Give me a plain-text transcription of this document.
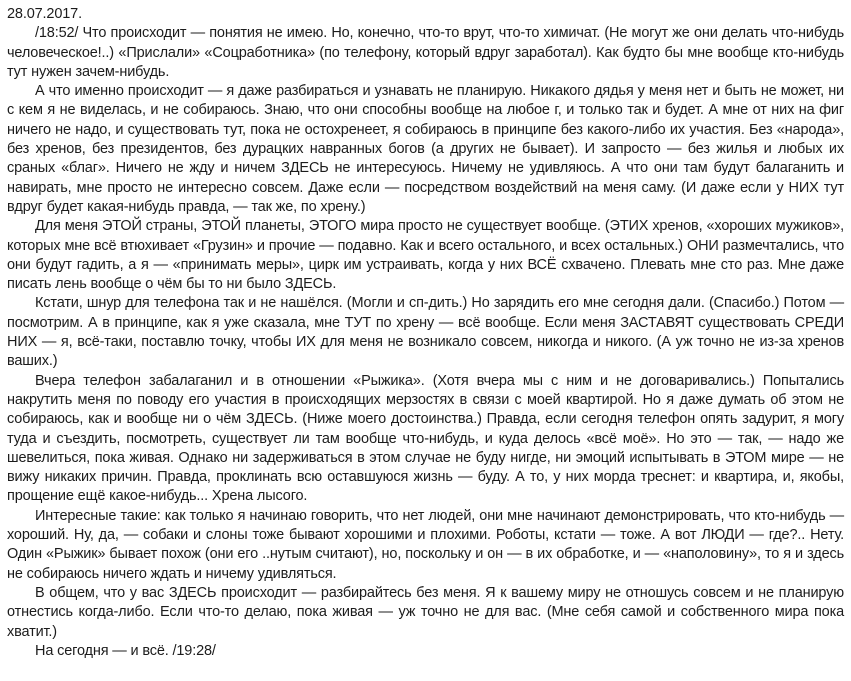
28.07.2017.

/18:52/ Что происходит — понятия не имею. Но, конечно, что-то врут, что-то химичат. (Не могут же они делать что-нибудь человеческое!..) «Прислали» «Соцработника» (по телефону, который вдруг заработал). Как будто бы мне вообще кто-нибудь тут нужен зачем-нибудь.

А что именно происходит — я даже разбираться и узнавать не планирую. Никакого дядья у меня нет и быть не может, ни с кем я не виделась, и не собираюсь. Знаю, что они способны вообще на любое г, и только так и будет. А мне от них на фиг ничего не надо, и существовать тут, пока не остохренеет, я собираюсь в принципе без какого-либо их участия. Без «народа», без хренов, без президентов, без дурацких навранных богов (а других не бывает). И запросто — без жилья и любых их сраных «благ». Ничего не жду и ничем ЗДЕСЬ не интересуюсь. Ничему не удивляюсь. А что они там будут балаганить и навирать, мне просто не интересно совсем. Даже если — посредством воздействий на меня саму. (И даже если у НИХ тут вдруг будет какая-нибудь правда, — так же, по хрену.)

Для меня ЭТОЙ страны, ЭТОЙ планеты, ЭТОГО мира просто не существует вообще. (ЭТИХ хренов, «хороших мужиков», которых мне всё втюхивает «Грузин» и прочие — подавно. Как и всего остального, и всех остальных.) ОНИ размечтались, что они будут гадить, а я — «принимать меры», цирк им устраивать, когда у них ВСЁ схвачено. Плевать мне сто раз. Мне даже писать лень вообще о чём бы то ни было ЗДЕСЬ.

Кстати, шнур для телефона так и не нашёлся. (Могли и сп-дить.) Но зарядить его мне сегодня дали. (Спасибо.) Потом — посмотрим. А в принципе, как я уже сказала, мне ТУТ по хрену — всё вообще. Если меня ЗАСТАВЯТ существовать СРЕДИ НИХ — я, всё-таки, поставлю точку, чтобы ИХ для меня не возникало совсем, никогда и никого. (А уж точно не из-за хренов ваших.)

Вчера телефон забалаганил и в отношении «Рыжика». (Хотя вчера мы с ним и не договаривались.) Попытались накрутить меня по поводу его участия в происходящих мерзостях в связи с моей квартирой. Но я даже думать об этом не собираюсь, как и вообще ни о чём ЗДЕСЬ. (Ниже моего достоинства.) Правда, если сегодня телефон опять задурит, я могу туда и съездить, посмотреть, существует ли там вообще что-нибудь, и куда делось «всё моё». Но это — так, — надо же шевелиться, пока живая. Однако ни задерживаться в этом случае не буду нигде, ни эмоций испытывать в ЭТОМ мире — не вижу никаких причин. Правда, проклинать всю оставшуюся жизнь — буду. А то, у них морда треснет: и квартира, и, якобы, прощение ещё какое-нибудь... Хрена лысого.

Интересные такие: как только я начинаю говорить, что нет людей, они мне начинают демонстрировать, что кто-нибудь — хороший. Ну, да, — собаки и слоны тоже бывают хорошими и плохими. Роботы, кстати — тоже. А вот ЛЮДИ — где?.. Нету. Один «Рыжик» бывает похож (они его ..нутым считают), но, поскольку и он — в их обработке, и — «наполовину», то я и здесь не собираюсь ничего ждать и ничему удивляться.

В общем, что у вас ЗДЕСЬ происходит — разбирайтесь без меня. Я к вашему миру не отношусь совсем и не планирую отнестись когда-либо. Если что-то делаю, пока живая — уж точно не для вас. (Мне себя самой и собственного мира пока хватит.)

На сегодня — и всё. /19:28/
